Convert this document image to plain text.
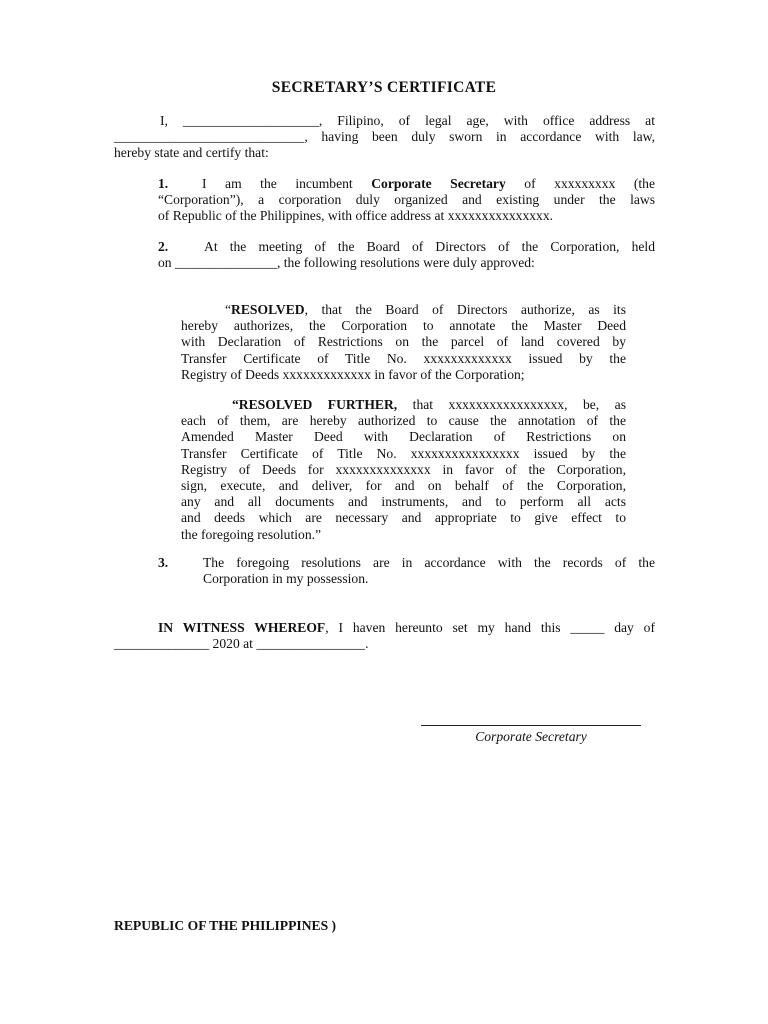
SECRETARY’S CERTIFICATE
I, ____________________, Filipino, of legal age, with office address at
____________________________, having been duly sworn in accordance with law,
hereby state and certify that:
1. I am the incumbent Corporate Secretary of xxxxxxxxx (the
“Corporation”), a corporation duly organized and existing under the laws
of Republic of the Philippines, with office address at xxxxxxxxxxxxxxx.
2.	At the meeting of the Board of Directors of the Corporation, held
on _______________, the following resolutions were duly approved:
“RESOLVED, that the Board of Directors authorize, as its
hereby authorizes, the Corporation to annotate the Master Deed
with Declaration of Restrictions on the parcel of land covered by
Transfer Certificate of Title No. xxxxxxxxxxxxx issued by the
Registry of Deeds xxxxxxxxxxxxx in favor of the Corporation;
“RESOLVED FURTHER, that xxxxxxxxxxxxxxxxx, be, as
each of them, are hereby authorized to cause the annotation of the
Amended Master Deed with Declaration of Restrictions on
Transfer Certificate of Title No. xxxxxxxxxxxxxxxx issued by the
Registry of Deeds for xxxxxxxxxxxxxx in favor of the Corporation,
sign, execute, and deliver, for and on behalf of the Corporation,
any and all documents and instruments, and to perform all acts
and deeds which are necessary and appropriate to give effect to
the foregoing resolution.”
3.	The foregoing resolutions are in accordance with the records of the
Corporation in my possession.
IN WITNESS WHEREOF, I haven hereunto set my hand this _____ day of
______________ 2020 at ________________.
Corporate Secretary
REPUBLIC OF THE PHILIPPINES )
